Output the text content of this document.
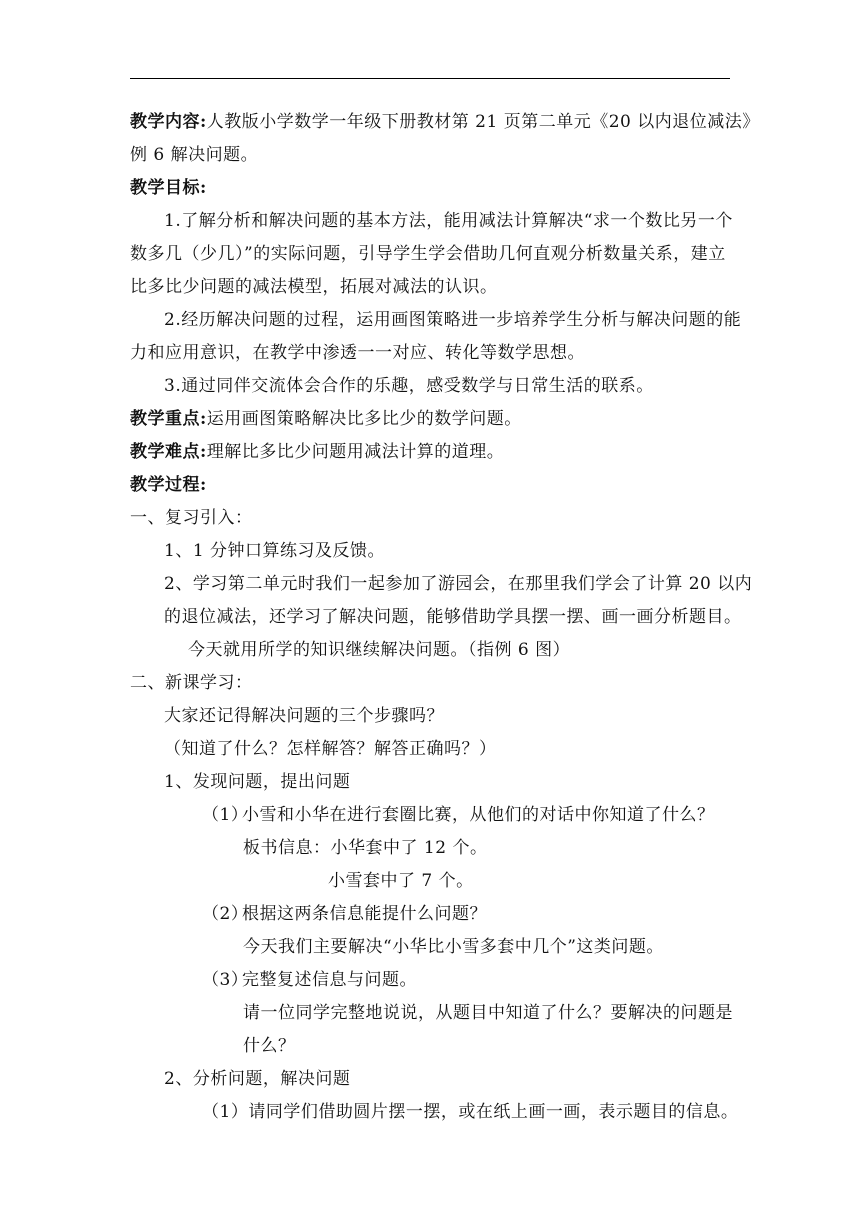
教学内容:人教版小学数学一年级下册教材第 21 页第二单元《20 以内退位减法》
例 6 解决问题。
教学目标:
1.了解分析和解决问题的基本方法，能用减法计算解决“求一个数比另一个
数多几（少几）”的实际问题，引导学生学会借助几何直观分析数量关系，建立
比多比少问题的减法模型，拓展对减法的认识。
2.经历解决问题的过程，运用画图策略进一步培养学生分析与解决问题的能
力和应用意识，在教学中渗透一一对应、转化等数学思想。
3.通过同伴交流体会合作的乐趣，感受数学与日常生活的联系。
教学重点:运用画图策略解决比多比少的数学问题。
教学难点:理解比多比少问题用减法计算的道理。
教学过程:
一、复习引入：
1、1 分钟口算练习及反馈。
2、学习第二单元时我们一起参加了游园会，在那里我们学会了计算 20 以内
的退位减法，还学习了解决问题，能够借助学具摆一摆、画一画分析题目。
今天就用所学的知识继续解决问题。（指例 6 图）
二、新课学习：
大家还记得解决问题的三个步骤吗？
（知道了什么？怎样解答？解答正确吗？）
1、发现问题，提出问题
（1）小雪和小华在进行套圈比赛，从他们的对话中你知道了什么？
板书信息：小华套中了 12 个。
小雪套中了 7 个。
（2）根据这两条信息能提什么问题？
今天我们主要解决“小华比小雪多套中几个”这类问题。
（3）完整复述信息与问题。
请一位同学完整地说说，从题目中知道了什么？要解决的问题是
什么？
2、分析问题，解决问题
（1）请同学们借助圆片摆一摆，或在纸上画一画，表示题目的信息。
